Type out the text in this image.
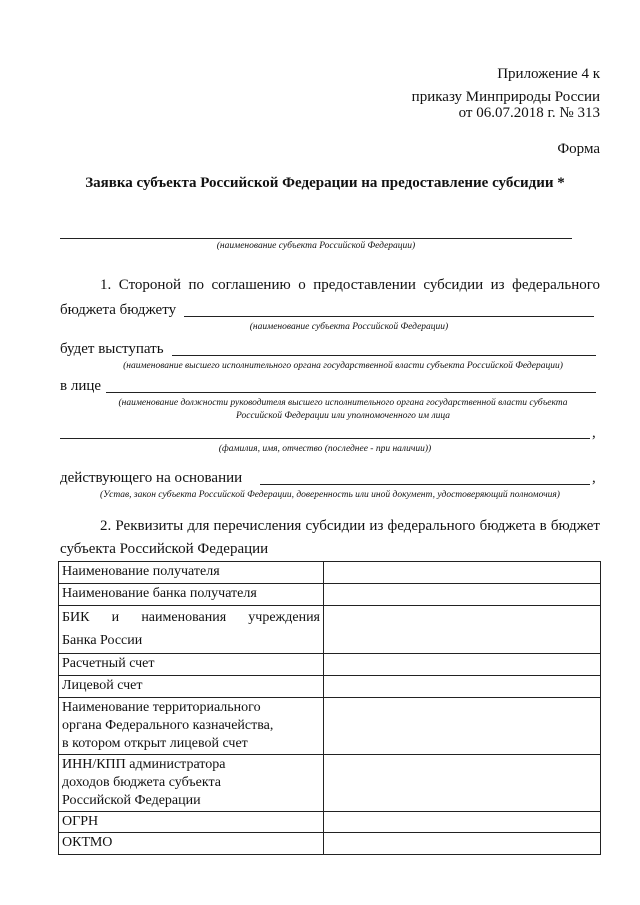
Приложение 4 к
приказу Минприроды России
от 06.07.2018 г. № 313
Форма
Заявка субъекта Российской Федерации на предоставление субсидии *
(наименование субъекта Российской Федерации)
1. Стороной по соглашению о предоставлении субсидии из федерального
бюджета бюджету
(наименование субъекта Российской Федерации)
будет выступать
(наименование высшего исполнительного органа государственной власти субъекта Российской Федерации)
в лице
(наименование должности руководителя высшего исполнительного органа государственной власти субъекта
Российской Федерации или уполномоченного им лица
,
(фамилия, имя, отчество (последнее - при наличии))
действующего на основании	,
(Устав, закон субъекта Российской Федерации, доверенность или иной документ, удостоверяющий полномочия)
2. Реквизиты для перечисления субсидии из федерального бюджета в бюджет
субъекта Российской Федерации
Наименование получателя	
Наименование банка получателя	

БИК и наименования учреждения
Банка России	

Расчетный счет	
Лицевой счет	

Наименование территориального
органа Федерального казначейства,
в котором открыт лицевой счет	

ИНН/КПП администратора
доходов бюджета субъекта
Российской Федерации	

ОГРН	
ОКТМО	
